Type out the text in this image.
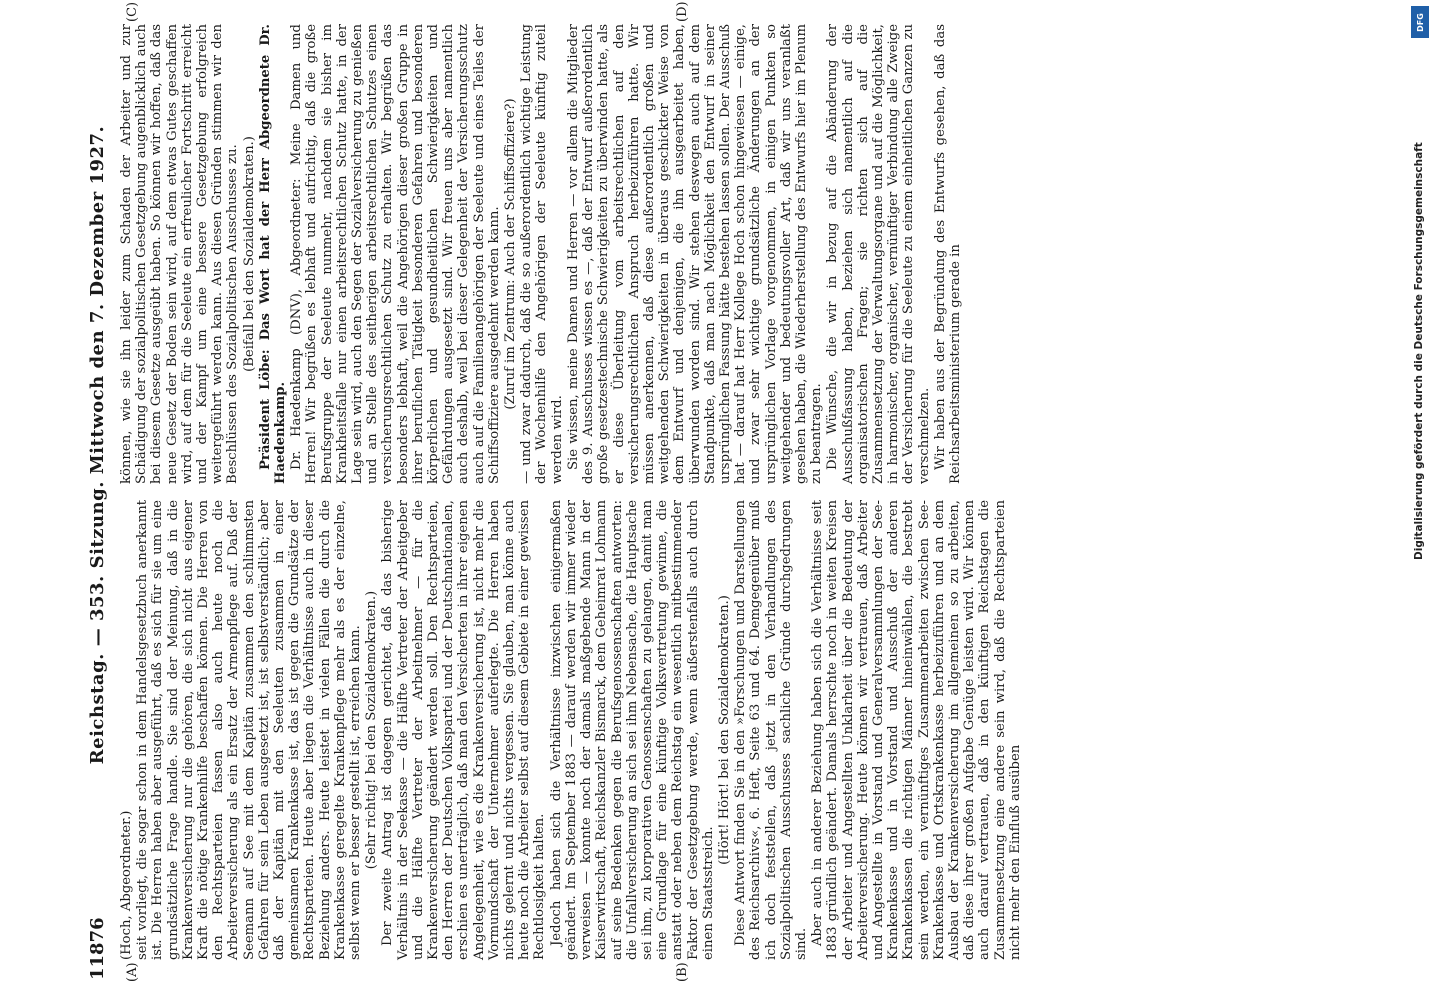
11876
Reichstag. — 353. Sitzung. Mittwoch den 7. Dezember 1927.
(A)	(B)
(C)	(D)

(Hoch, Abgeordneter.) seit vorliegt, die sogar schon in dem Handelsgesetzbuch anerkannt ist. Die Herren haben aber ausgeführt, daß es sich für sie um eine grundsätzliche Frage handle. Sie sind der Meinung, daß in die Krankenversicherung nur die gehören, die sich nicht aus eigener Kraft die nötige Krankenhilfe beschaffen können. Die Herren von den Rechtsparteien fassen also auch heute noch die Arbeiterversicherung als ein Ersatz der Armenpflege auf. Daß der Seemann auf See mit dem Kapitän zusammen den schlimmsten Gefahren für sein Leben ausgesetzt ist, ist selbstverständlich; aber daß der Kapitän mit den Seeleuten zusammen in einer gemeinsamen Krankenkasse ist, das ist gegen die Grundsätze der Rechtsparteien. Heute aber liegen die Verhältnisse auch in dieser Beziehung anders. Heute leistet in vielen Fällen die durch die Krankenkasse geregelte Krankenpflege mehr als es der einzelne, selbst wenn er besser gestellt ist, erreichen kann. (Sehr richtig! bei den Sozialdemokraten.) Der zweite Antrag ist dagegen gerichtet, daß das bisherige Verhältnis in der Seekasse — die Hälfte Vertreter der Arbeitgeber und die Hälfte Vertreter der Arbeitnehmer — für die Krankenversicherung geändert werden soll. Den Rechtsparteien, den Herren der Deutschen Volkspartei und der Deutschnationalen, erschien es unerträglich, daß man den Versicherten in ihrer eigenen Angelegenheit, wie es die Krankenversicherung ist, nicht mehr die Vormundschaft der Unternehmer auferlegte. Die Herren haben nichts gelernt und nichts vergessen. Sie glauben, man könne auch heute noch die Arbeiter selbst auf diesem Gebiete in einer gewissen Rechtlosigkeit halten. Jedoch haben sich die Verhältnisse inzwischen einigermaßen geändert. Im September 1883 — darauf werden wir immer wieder verweisen — konnte noch der damals maßgebende Mann in der Kaiserwirtschaft, Reichskanzler Bismarck, dem Geheimrat Lohmann auf seine Bedenken gegen die Berufsgenossenschaften antworten: die Unfallversicherung an sich sei ihm Nebensache, die Hauptsache sei ihm, zu korporativen Genossenschaften zu gelangen, damit man eine Grundlage für eine künftige Volksvertretung gewinne, die anstatt oder neben dem Reichstag ein wesentlich mitbestimmender Faktor der Gesetzgebung werde, wenn äußerstenfalls auch durch einen Staatsstreich.

(Hört! Hört! bei den Sozialdemokraten.) Diese Antwort finden Sie in den »Forschungen und Darstellungen des Reichsarchivs«, 6. Heft, Seite 63 und 64. Demgegenüber muß ich doch feststellen, daß jetzt in den Verhandlungen des Sozialpolitischen Ausschusses sachliche Gründe durchgedrungen sind. Aber auch in anderer Beziehung haben sich die Verhältnisse seit 1883 gründlich geändert. Damals herrschte noch in weiten Kreisen der Arbeiter und Angestellten Unklarheit über die Bedeutung der Arbeiterversicherung. Heute können wir vertrauen, daß Arbeiter und Angestellte in Vorstand und Generalversammlungen der See-Krankenkasse und in Vorstand und Ausschuß der anderen Krankenkassen die richtigen Männer hineinwählen, die bestrebt sein werden, ein vernünftiges Zusammenarbeiten zwischen See-Krankenkasse und Ortskrankenkasse herbeizuführen und an dem Ausbau der Krankenversicherung im allgemeinen so zu arbeiten, daß diese ihrer großen Aufgabe Genüge leisten wird. Wir können auch darauf vertrauen, daß in den künftigen Reichstagen die Zusammensetzung eine andere sein wird, daß die Rechtsparteien nicht mehr den Einfluß ausüben

können, wie sie ihn leider zum Schaden der Arbeiter und zur Schädigung der sozialpolitischen Gesetzgebung augenblicklich auch bei diesem Gesetze ausgeübt haben. So können wir hoffen, daß das neue Gesetz der Boden sein wird, auf dem etwas Gutes geschaffen wird, auf dem für die Seeleute ein erfreulicher Fortschritt erreicht und der Kampf um eine bessere Gesetzgebung erfolgreich weitergeführt werden kann. Aus diesen Gründen stimmen wir den Beschlüssen des Sozialpolitischen Ausschusses zu. (Beifall bei den Sozialdemokraten.) Präsident Löbe: Das Wort hat der Herr Abgeordnete Dr. Haedenkamp. Dr. Haedenkamp (DNV), Abgeordneter: Meine Damen und Herren! Wir begrüßen es lebhaft und aufrichtig, daß die große Berufsgruppe der Seeleute nunmehr, nachdem sie bisher im Krankheitsfalle nur einen arbeitsrechtlichen Schutz hatte, in der Lage sein wird, auch den Segen der Sozialversicherung zu genießen und an Stelle des seitherigen arbeitsrechtlichen Schutzes einen versicherungsrechtlichen Schutz zu erhalten. Wir begrüßen das besonders lebhaft, weil die Angehörigen dieser großen Gruppe in ihrer beruflichen Tätigkeit besonderen Gefahren und besonderen körperlichen und gesundheitlichen Schwierigkeiten und Gefährdungen ausgesetzt sind. Wir freuen uns aber namentlich auch deshalb, weil bei dieser Gelegenheit der Versicherungsschutz auch auf die Familienangehörigen der Seeleute und eines Teiles der Schiffsoffiziere ausgedehnt werden kann. (Zuruf im Zentrum: Auch der Schiffsoffiziere?) — und zwar dadurch, daß die so außerordentlich wichtige Leistung der Wochenhilfe den Angehörigen der Seeleute künftig zuteil werden wird. Sie wissen, meine Damen und Herren — vor allem die Mitglieder des 9. Ausschusses wissen es —, daß der Entwurf außerordentlich große gesetzestechnische Schwierigkeiten zu überwinden hatte, als er diese Überleitung vom arbeitsrechtlichen auf den versicherungsrechtlichen Anspruch herbeizuführen hatte. Wir müssen anerkennen, daß diese außerordentlich großen und weitgehenden Schwierigkeiten in überaus geschickter Weise von dem Entwurf und denjenigen, die ihn ausgearbeitet haben, überwunden worden sind. Wir stehen deswegen auch auf dem Standpunkte, daß man nach Möglichkeit den Entwurf in seiner ursprünglichen Fassung hätte bestehen lassen sollen. Der Ausschuß hat — darauf hat Herr Kollege Hoch schon hingewiesen — einige, und zwar sehr wichtige grundsätzliche Änderungen an der ursprünglichen Vorlage vorgenommen, in einigen Punkten so weitgehender und bedeutungsvoller Art, daß wir uns veranlaßt gesehen haben, die Wiederherstellung des Entwurfs hier im Plenum zu beantragen. Die Wünsche, die wir in bezug auf die Abänderung der Ausschußfassung haben, beziehen sich namentlich auf die organisatorischen Fragen; sie richten sich auf die Zusammensetzung der Verwaltungsorgane und auf die Möglichkeit, in harmonischer, organischer, vernünftiger Verbindung alle Zweige der Versicherung für die Seeleute zu einem einheitlichen Ganzen zu verschmelzen. Wir haben aus der Begründung des Entwurfs gesehen, daß das Reichsarbeitsministerium gerade in

DFG
Digitalisierung gefördert durch die Deutsche Forschungsgemeinschaft
